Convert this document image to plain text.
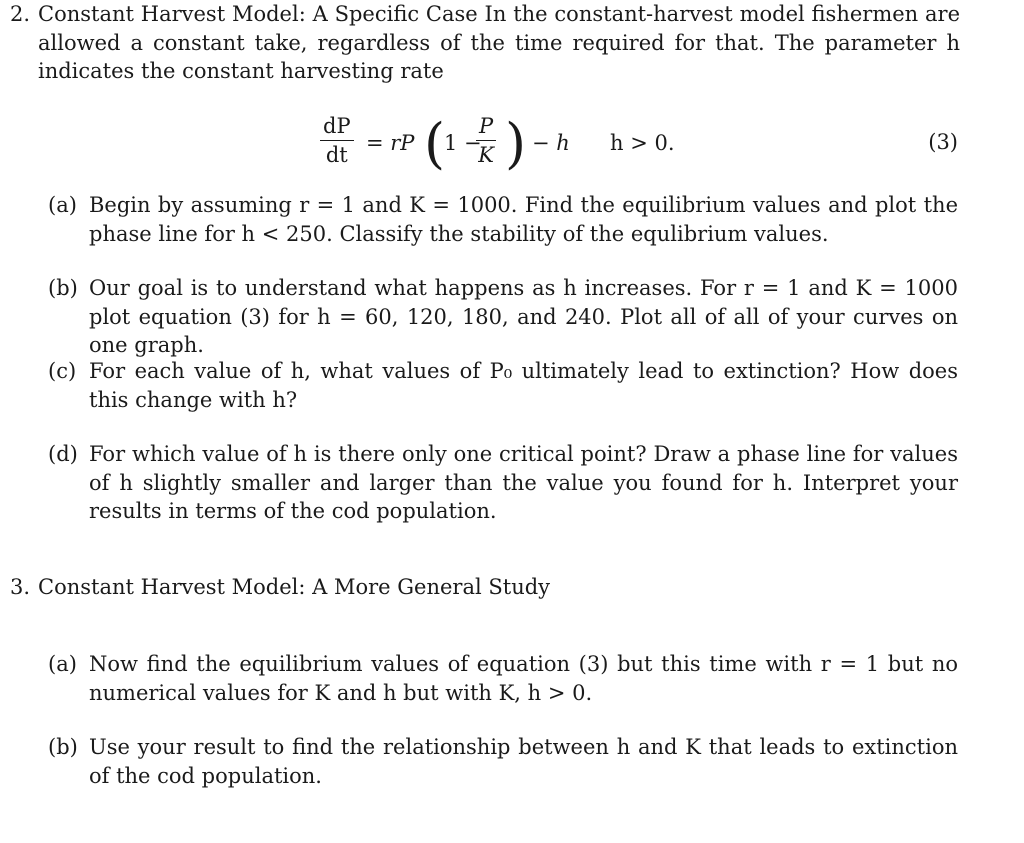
2. Constant Harvest Model: A Specific Case In the constant-harvest model fishermen are allowed a constant take, regardless of the time required for that. The parameter h indicates the constant harvesting rate
$\frac{dP}{dt}$ = rP (
1 −
$\frac{P}{K}$ ) − h h > 0.	(3)
(a) Begin by assuming r = 1 and K = 1000. Find the equilibrium values and plot the phase line for h < 250. Classify the stability of the equlibrium values.
(b) Our goal is to understand what happens as h increases. For r = 1 and K = 1000 plot equation (3) for h = 60, 120, 180, and 240. Plot all of all of your curves on one graph.
(c) For each value of h, what values of P₀ ultimately lead to extinction? How does this change with h?
(d) For which value of h is there only one critical point? Draw a phase line for values of h slightly smaller and larger than the value you found for h. Interpret your results in terms of the cod population.
3. Constant Harvest Model: A More General Study
(a) Now find the equilibrium values of equation (3) but this time with r = 1 but no numerical values for K and h but with K, h > 0.
(b) Use your result to find the relationship between h and K that leads to extinction of the cod population.
